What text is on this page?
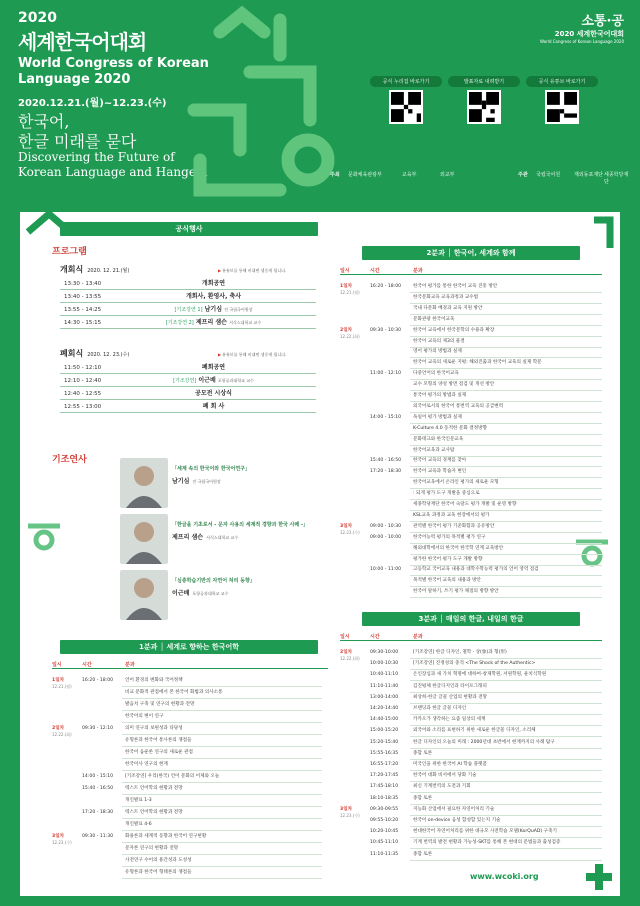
2020
세계한국어대회
World Congress of Korean Language 2020
2020.12.21.(월)~12.23.(수)
한국어,
한글 미래를 묻다
Discovering the Future of
Korean Language and Hangeul
소통·공
2020 세계한국어대회
World Congress of Korean Language 2020
공식 누리집 바로가기	발표자료 내려받기	공식 유튜브 바로가기
주최 문화체육관광부	교육부	외교부	주관 국립국어원	재외동포재단 세종학당재단
공식행사
프로그램
개회식 2020. 12. 21.(월)	▶ 유튜브를 통해 비대면 생중계 됩니다.
13:30 - 13:40	개회공연
13:40 - 13:55	개회사, 환영사, 축사
13:55 - 14:25	[기조강연 1] 남기심 전 국립국어원장
14:30 - 15:15	[기조강연 2] 제프리 샘슨 서식스대학교 교수
폐회식 2020. 12. 23.(수)	▶ 유튜브를 통해 비대면 생중계 됩니다.
11:50 - 12:10	폐회공연
12:10 - 12:40	[기조강연] 이근배 포항공과대학교 교수
12:40 - 12:55	공모전 시상식
12:55 - 13:00	폐 회 사
기조연사
「세계 속의 한국어와 한국어연구」
남기심 전 국립국어원장
「한글을 기초로서 - 문자 사용의 세계적 경향과 한국 사례 -」
제프리 샘슨 서식스대학교 교수
「심층학습기반의 자연어 처리 동향」
이근배 포항공과대학교 교수
1분과 │ 세계로 향하는 한국어학
일시	시간	분과
1일차
12.21.(월)
16:20 - 18:00	언어 환경의 변화와 국어정책
비교 문화적 관점에서 본 한국어 화법과 의사소통
발음치 구축 및 연구의 현황과 전망
한국어의 변이 연구
2일차
12.22.(화)
09:30 - 12:10	의미 연구의 보편성과 타당성
유형론과 한국어 통사론의 쟁점들
한국어 음운론 연구의 새로운 관점
한국어사 연구의 현재
14:00 - 15:10	[기조강연] 우리(한국) 언어 문화의 어제와 오늘
15:40 - 16:50	텍스트 언어학의 현황과 전망
개인발표 1-3
17:20 - 18:30	텍스트 언어학의 현황과 전망
개인발표 4-6
3일차
12.23.(수)
09:30 - 11:30	화용론과 세계적 동향과 한국어 연구현황
문자론 연구의 현황과 전망
사전연구 수어의 용간성과 도성성
유형론과 한국어 형태론의 쟁점들
2분과 │ 한국어, 세계와 함께
일시	시간	분과
1일차
12.21.(월)
16:20 - 18:00	한국어 평가를 통한 한국어 교육 진흥 방안
한국문화교육 교육과정과 교수법
국내 다문화 배경과 교육 지원 방안
문화관광 한국어교육
2일차
12.22.(화)
09:30 - 10:30	한국어 교육에서 한국문학의 수용과 확장
한국어 교육의 제3의 물결
영어 평가의 방법과 실제
한국어 교육의 새로운 지평: 해외진출과 한국어 교육의 실제 학문
11:00 - 12:10	다중언어의 한국어교육
교수 모형의 양성 방면 점검 및 개선 방안
통국어 평가의 방법과 실제
외국어로서의 한국어 통번역 교육의 공급변력
14:00 - 15:10	독일어 평가 방법과 실제
K-Culture 4.0 동적한 문화 결정방향
문화테크와 한국인문교육
한국어교육과 교사탐
15:40 - 16:50	한국어 교육의 경계를 찾아
17:20 - 18:30	한국어 교육과 학습자 변인
한국어교육에서 온라인 평가의 새로운 모형
: 되게 평가 도구 개발을 중심으로
세종학당재단 한국어 숙달도 평가 개발 및 운영 방향
KSL교육 과정과 교육 현장에서의 평가
3일차
12.23.(수)
09:00 - 10:30	관역별 한국어 평가 기준화함과 공유방안
09:00 - 10:00	한국어능력 평가의 목적별 평가 연구
해외대학에서의 한국어 한국학 연계 교육방안
평가한 한국어 평가 도구 개발 방향
10:00 - 11:00	고등학교 국어교육 내용과 대학수학능력 평가의 언어 영역 점검
목적별 한국어 교육의 내용과 방안
한국어 말하기, 쓰기 평가 채점의 방향 방안
3분과 │ 매일의 한글, 내일의 한글
일시	시간	분과
2일차
12.22.(화)
09:30-10:00	[기조강연] 한글 디자인, 철학 · 상(象)과 형(形)
10:00-10:30	[기조강연] 진정성의 충격 <The Shock of the Authentic>
10:40-11:10	온인장심과 새 가치 혁명에 대하여-창제학원, 서원학원, 운치식학원
11:10-11:40	김진평체 한글디지인과 타이포그래피
13:00-14:00	최상희-한글 글꼴 산업의 현황과 전망
14:20-14:40	브랜딩과 한글 글꼴 디자인
14:40-15:00	카카오가 생각하는 요즘 일상의 세계
15:00-15:20	외국어와 소리를 표현하기 위한 새로운 한글꼴 디자인, 소리체
15:20-15:40	한글 디자인의 오늘의 미래 : 2000년대 초반에서 현재까지의 사례 탐구
15:55-16:35	종합 토론
16:55-17:20	미국인을 위한 한국어 AI 학습 플랫폼
17:20-17:45	한국어 대화 비서에서 당화 기술
17:45-18:10	최신 기계번역의 도전과 기회
18:10-18:35	종합 토론
3일차
12.23.(수)
09:30-09:55	지능화 산업에서 필요한 자연어처리 기술
09:55-10:20	한국어 on-device 음성 합성합 있는지 기술
10:20-10:45	현대한국어 자연어처리를 위한 대규모 사전학습 모델(KorQuAD) 구축기
10:45-11:10	기계 번역의 발전 현황과 가능성-SKT를 통해 본 현대의 문법들과 출성검증
11:10-11:35	종합 토론
www.wcoki.org
NEWSIS
